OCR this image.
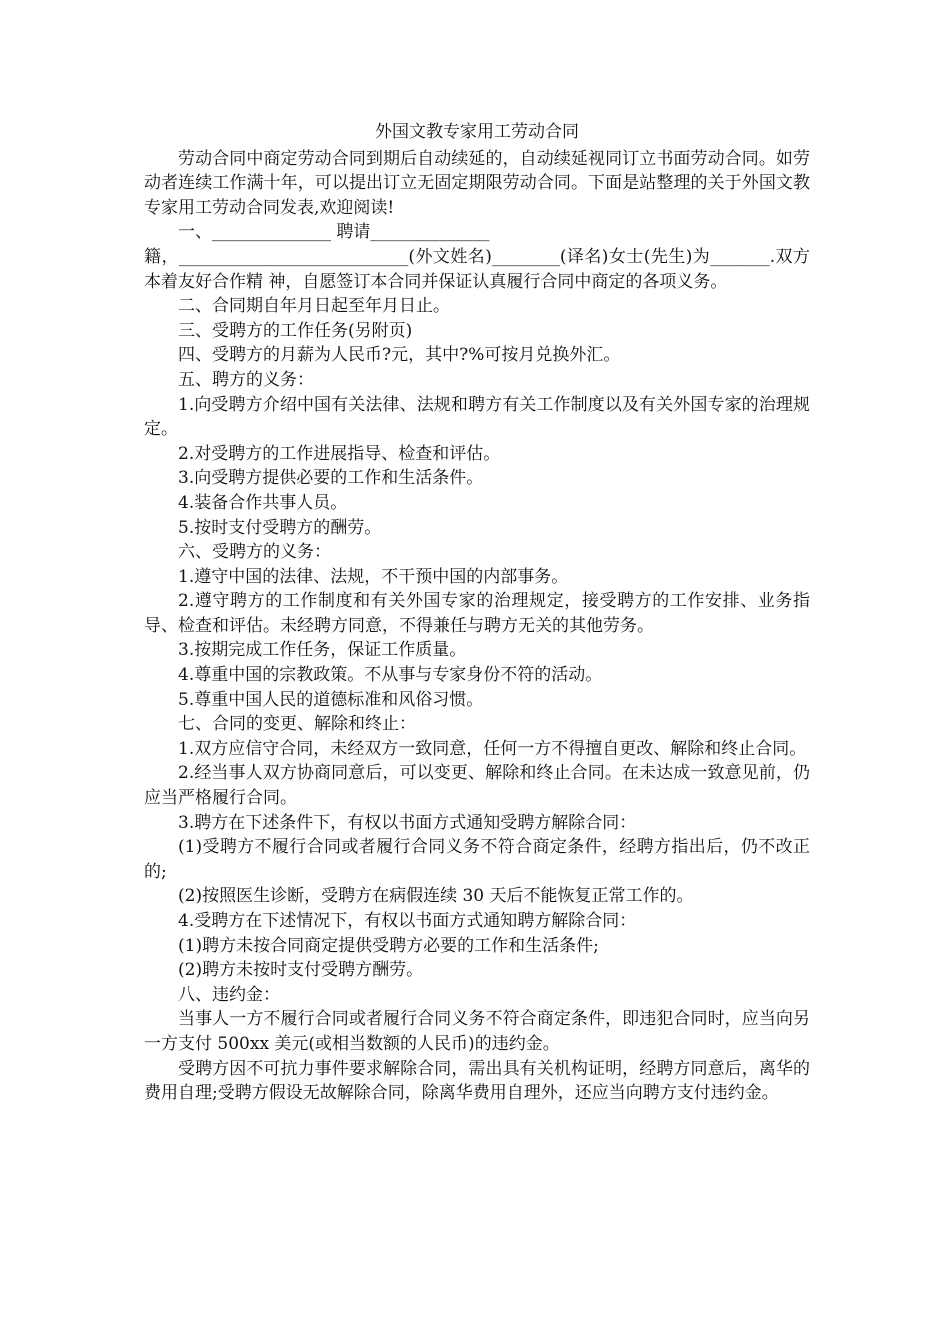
外国文教专家用工劳动合同

劳动合同中商定劳动合同到期后自动续延的，自动续延视同订立书面劳动合同。如劳动者连续工作满十年，可以提出订立无固定期限劳动合同。下面是站整理的关于外国文教专家用工劳动合同发表,欢迎阅读!

一、______________ 聘请______________

籍，___________________________(外文姓名)________(译名)女士(先生)为_______.双方本着友好合作精 神，自愿签订本合同并保证认真履行合同中商定的各项义务。

二、合同期自年月日起至年月日止。

三、受聘方的工作任务(另附页)

四、受聘方的月薪为人民币?元，其中?%可按月兑换外汇。

五、聘方的义务：

1.向受聘方介绍中国有关法律、法规和聘方有关工作制度以及有关外国专家的治理规定。

2.对受聘方的工作进展指导、检查和评估。

3.向受聘方提供必要的工作和生活条件。

4.装备合作共事人员。

5.按时支付受聘方的酬劳。

六、受聘方的义务：

1.遵守中国的法律、法规，不干预中国的内部事务。

2.遵守聘方的工作制度和有关外国专家的治理规定，接受聘方的工作安排、业务指导、检查和评估。未经聘方同意，不得兼任与聘方无关的其他劳务。

3.按期完成工作任务，保证工作质量。

4.尊重中国的宗教政策。不从事与专家身份不符的活动。

5.尊重中国人民的道德标准和风俗习惯。

七、合同的变更、解除和终止：

1.双方应信守合同，未经双方一致同意，任何一方不得擅自更改、解除和终止合同。

2.经当事人双方协商同意后，可以变更、解除和终止合同。在未达成一致意见前，仍应当严格履行合同。

3.聘方在下述条件下，有权以书面方式通知受聘方解除合同：

(1)受聘方不履行合同或者履行合同义务不符合商定条件，经聘方指出后，仍不改正的;

(2)按照医生诊断，受聘方在病假连续 30 天后不能恢复正常工作的。

4.受聘方在下述情况下，有权以书面方式通知聘方解除合同：

(1)聘方未按合同商定提供受聘方必要的工作和生活条件;

(2)聘方未按时支付受聘方酬劳。

八、违约金：

当事人一方不履行合同或者履行合同义务不符合商定条件，即违犯合同时，应当向另一方支付 500xx 美元(或相当数额的人民币)的违约金。

受聘方因不可抗力事件要求解除合同，需出具有关机构证明，经聘方同意后，离华的费用自理;受聘方假设无故解除合同，除离华费用自理外，还应当向聘方支付违约金。
